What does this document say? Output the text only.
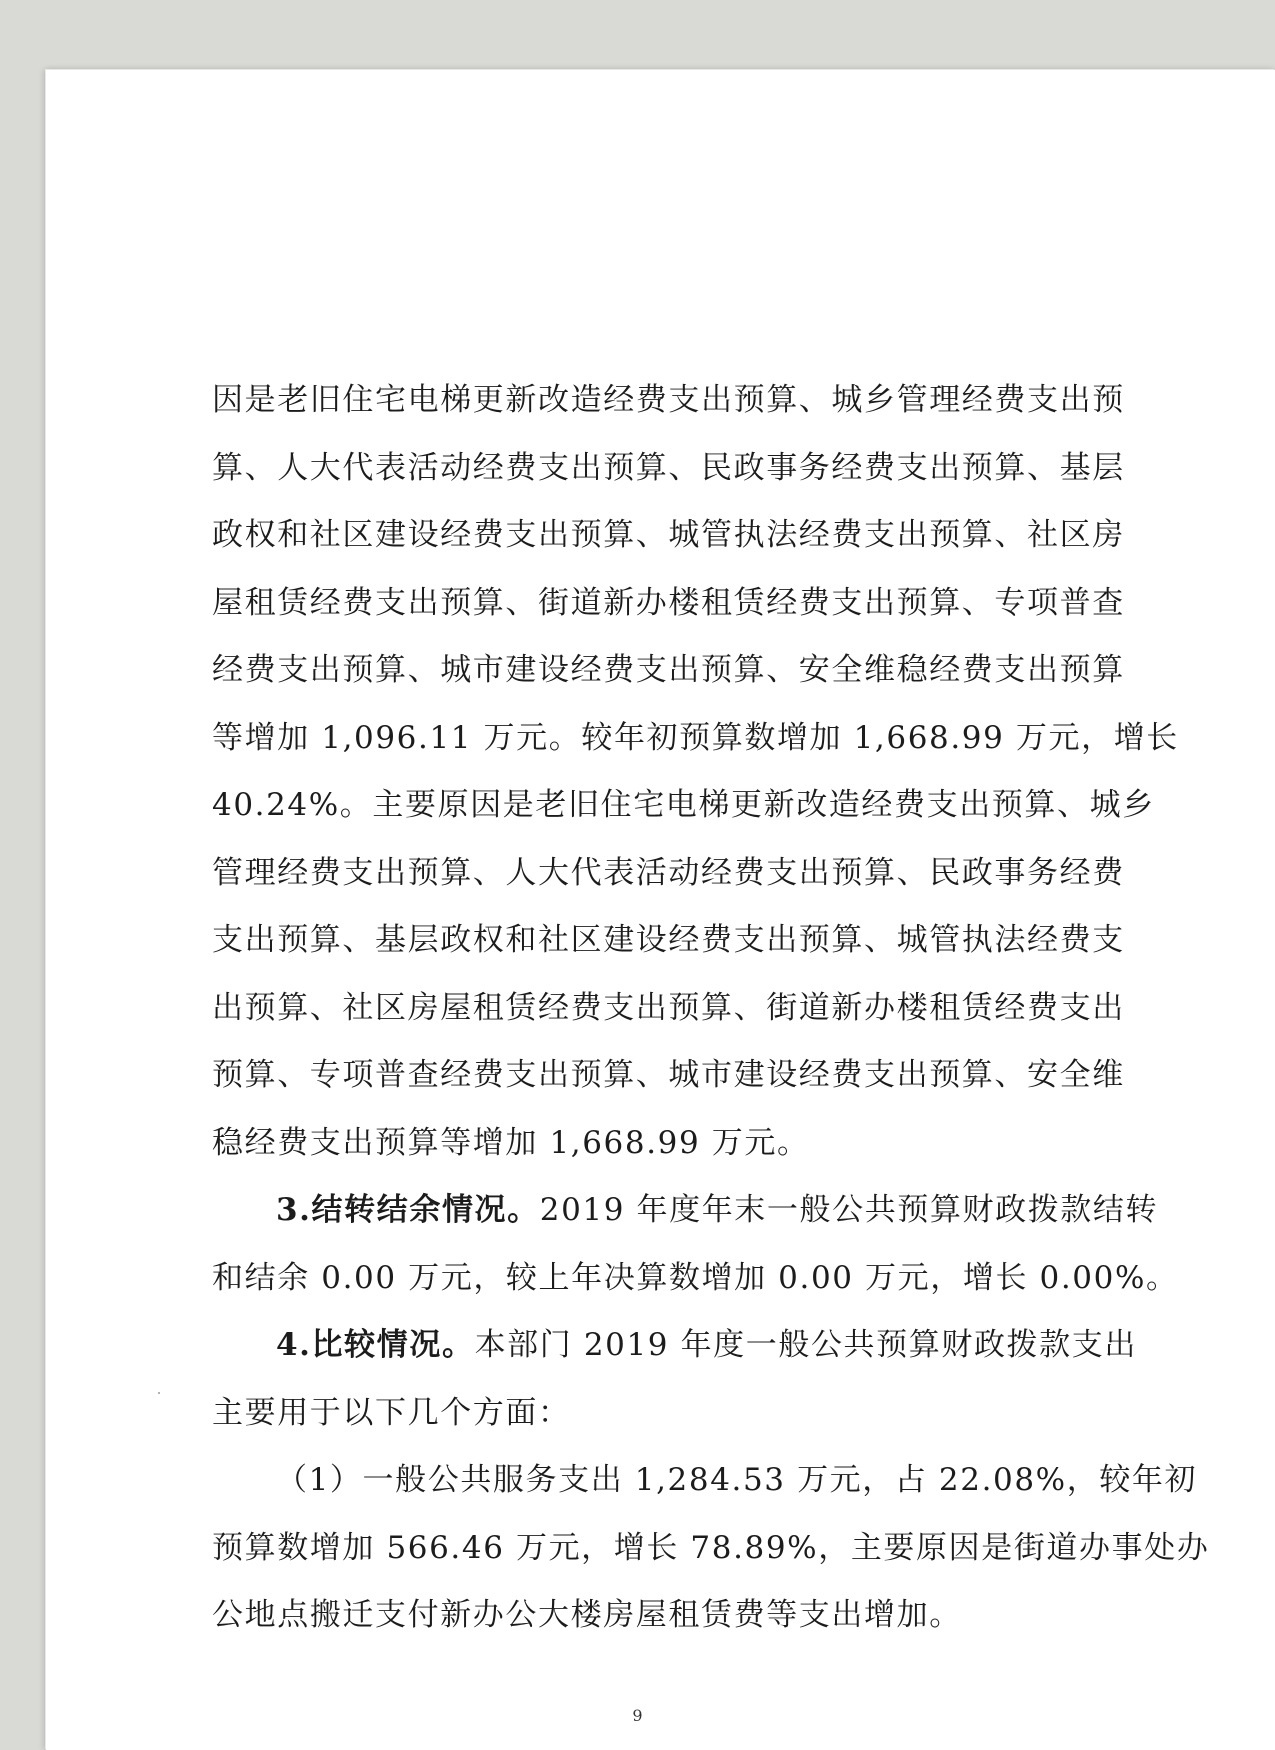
因是老旧住宅电梯更新改造经费支出预算、城乡管理经费支出预
算、人大代表活动经费支出预算、民政事务经费支出预算、基层
政权和社区建设经费支出预算、城管执法经费支出预算、社区房
屋租赁经费支出预算、街道新办楼租赁经费支出预算、专项普查
经费支出预算、城市建设经费支出预算、安全维稳经费支出预算
等增加 1,096.11 万元。较年初预算数增加 1,668.99 万元，增长
40.24%。主要原因是老旧住宅电梯更新改造经费支出预算、城乡
管理经费支出预算、人大代表活动经费支出预算、民政事务经费
支出预算、基层政权和社区建设经费支出预算、城管执法经费支
出预算、社区房屋租赁经费支出预算、街道新办楼租赁经费支出
预算、专项普查经费支出预算、城市建设经费支出预算、安全维
稳经费支出预算等增加 1,668.99 万元。
3.结转结余情况。2019 年度年末一般公共预算财政拨款结转
和结余 0.00 万元，较上年决算数增加 0.00 万元，增长 0.00%。
4.比较情况。本部门 2019 年度一般公共预算财政拨款支出
主要用于以下几个方面：
（1）一般公共服务支出 1,284.53 万元，占 22.08%，较年初
预算数增加 566.46 万元，增长 78.89%，主要原因是街道办事处办
公地点搬迁支付新办公大楼房屋租赁费等支出增加。
9
